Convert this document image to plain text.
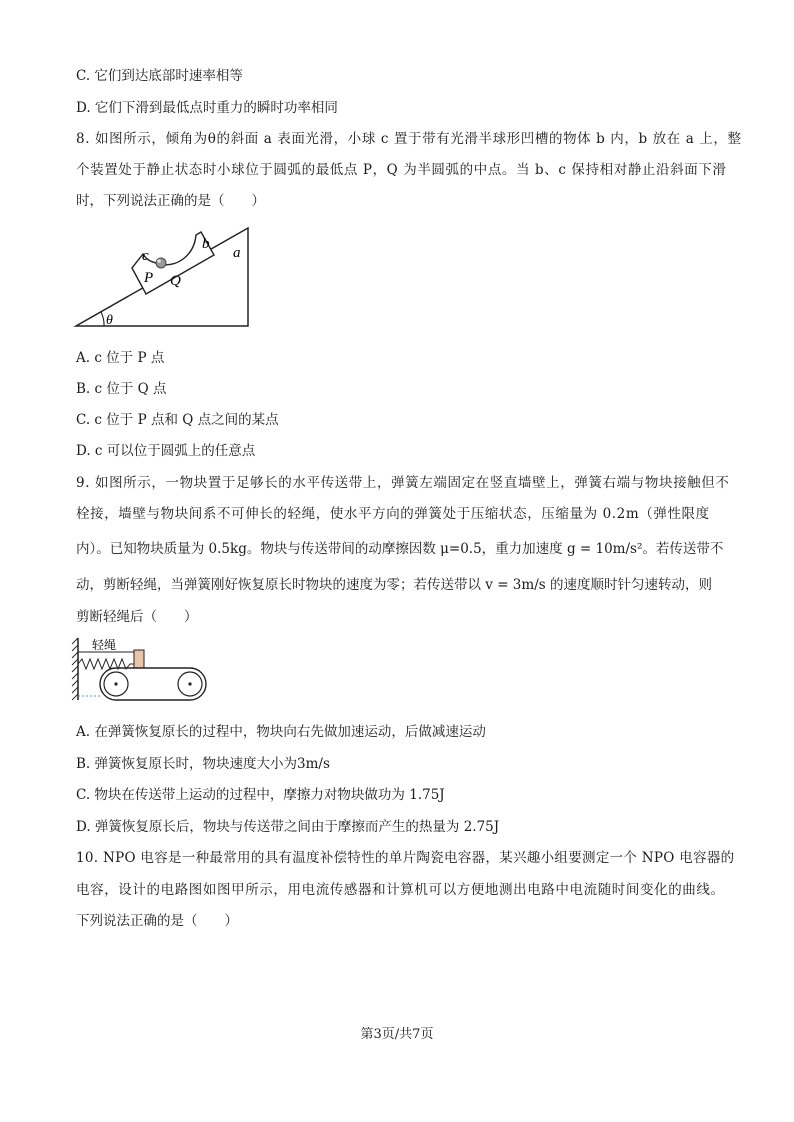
C. 它们到达底部时速率相等
D. 它们下滑到最低点时重力的瞬时功率相同
8. 如图所示，倾角为θ的斜面 a 表面光滑，小球 c 置于带有光滑半球形凹槽的物体 b 内，b 放在 a 上，整
个装置处于静止状态时小球位于圆弧的最低点 P，Q 为半圆弧的中点。当 b、c 保持相对静止沿斜面下滑
时，下列说法正确的是（　　）
c
b
a
P Q
θ
A. c 位于 P 点
B. c 位于 Q 点
C. c 位于 P 点和 Q 点之间的某点
D. c 可以位于圆弧上的任意点
9. 如图所示，一物块置于足够长的水平传送带上，弹簧左端固定在竖直墙壁上，弹簧右端与物块接触但不
栓接，墙壁与物块间系不可伸长的轻绳，使水平方向的弹簧处于压缩状态，压缩量为 0.2m（弹性限度
内）。已知物块质量为 0.5kg。物块与传送带间的动摩擦因数 μ=0.5，重力加速度 g = 10m/s²。若传送带不
动，剪断轻绳，当弹簧刚好恢复原长时物块的速度为零；若传送带以 v = 3m/s 的速度顺时针匀速转动，则
剪断轻绳后（　　）
轻绳
A. 在弹簧恢复原长的过程中，物块向右先做加速运动，后做减速运动
B. 弹簧恢复原长时，物块速度大小为3m/s
C. 物块在传送带上运动的过程中，摩擦力对物块做功为 1.75J
D. 弹簧恢复原长后，物块与传送带之间由于摩擦而产生的热量为 2.75J
10. NPO 电容是一种最常用的具有温度补偿特性的单片陶瓷电容器，某兴趣小组要测定一个 NPO 电容器的
电容，设计的电路图如图甲所示，用电流传感器和计算机可以方便地测出电路中电流随时间变化的曲线。
下列说法正确的是（　　）
第3页/共7页
